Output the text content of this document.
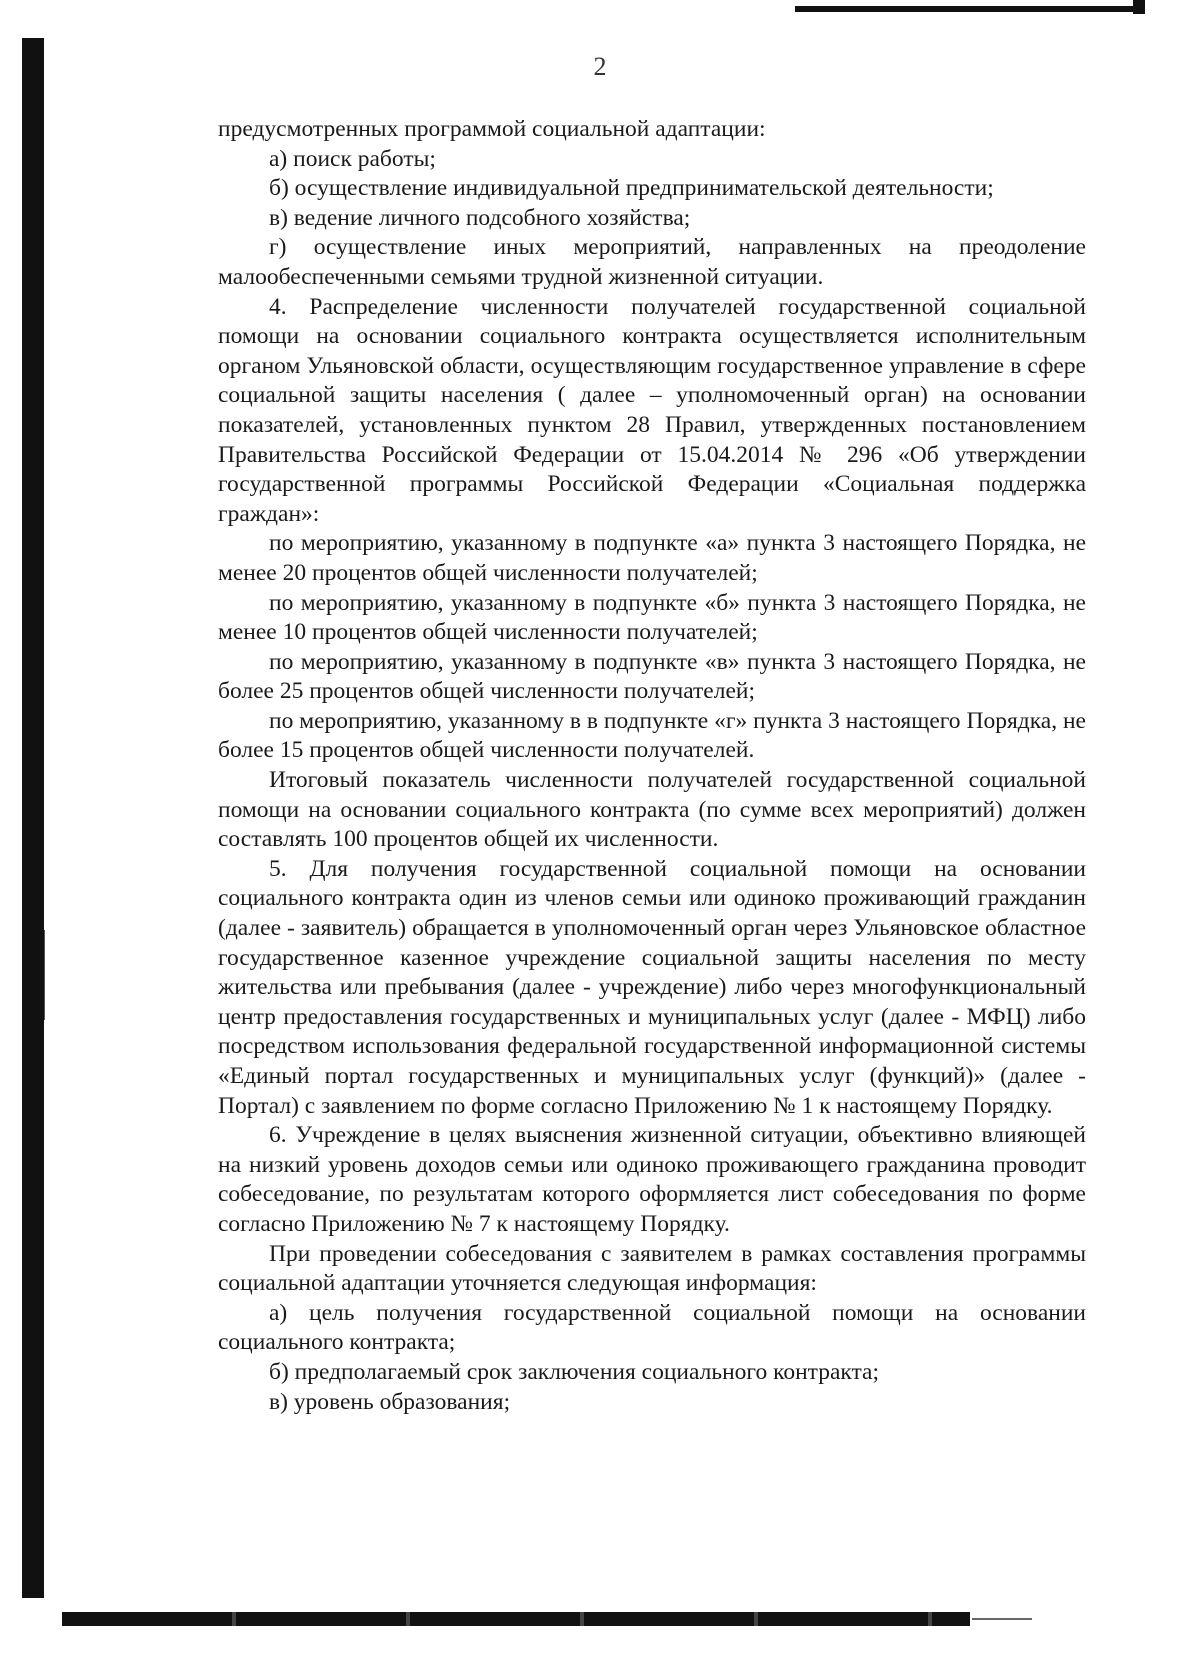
2

предусмотренных программой социальной адаптации:

а) поиск работы;

б) осуществление индивидуальной предпринимательской деятельности;

в) ведение личного подсобного хозяйства;

г) осуществление иных мероприятий, направленных на преодоление малообеспеченными семьями трудной жизненной ситуации.

4. Распределение численности получателей государственной социальной помощи на основании социального контракта осуществляется исполнительным органом Ульяновской области, осуществляющим государственное управление в сфере социальной защиты населения ( далее – уполномоченный орган) на основании показателей, установленных пунктом 28 Правил, утвержденных постановлением Правительства Российской Федерации от 15.04.2014 № 296 «Об утверждении государственной программы Российской Федерации «Социальная поддержка граждан»:

по мероприятию, указанному в подпункте «а» пункта 3 настоящего Порядка, не менее 20 процентов общей численности получателей;

по мероприятию, указанному в подпункте «б» пункта 3 настоящего Порядка, не менее 10 процентов общей численности получателей;

по мероприятию, указанному в подпункте «в» пункта 3 настоящего Порядка, не более 25 процентов общей численности получателей;

по мероприятию, указанному в в подпункте «г» пункта 3 настоящего Порядка, не более 15 процентов общей численности получателей.

Итоговый показатель численности получателей государственной социальной помощи на основании социального контракта (по сумме всех мероприятий) должен составлять 100 процентов общей их численности.

5. Для получения государственной социальной помощи на основании социального контракта один из членов семьи или одиноко проживающий гражданин (далее - заявитель) обращается в уполномоченный орган через Ульяновское областное государственное казенное учреждение социальной защиты населения по месту жительства или пребывания (далее - учреждение) либо через многофункциональный центр предоставления государственных и муниципальных услуг (далее - МФЦ) либо посредством использования федеральной государственной информационной системы «Единый портал государственных и муниципальных услуг (функций)» (далее - Портал) с заявлением по форме согласно Приложению № 1 к настоящему Порядку.

6. Учреждение в целях выяснения жизненной ситуации, объективно влияющей на низкий уровень доходов семьи или одиноко проживающего гражданина проводит собеседование, по результатам которого оформляется лист собеседования по форме согласно Приложению № 7 к настоящему Порядку.

При проведении собеседования с заявителем в рамках составления программы социальной адаптации уточняется следующая информация:

а) цель получения государственной социальной помощи на основании социального контракта;

б) предполагаемый срок заключения социального контракта;

в) уровень образования;
